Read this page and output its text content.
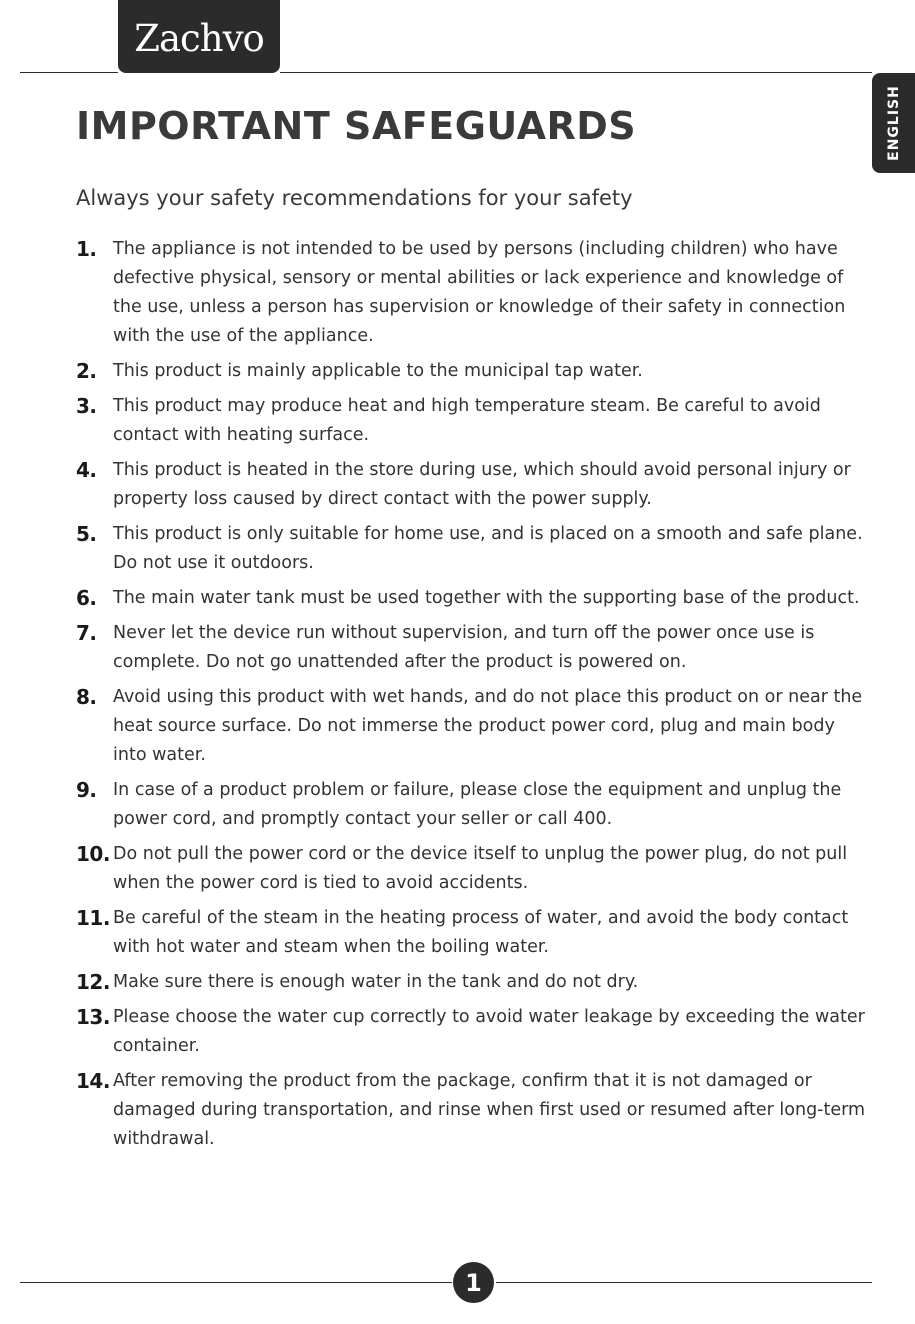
Zachvo
ENGLISH
IMPORTANT SAFEGUARDS

Always your safety recommendations for your safety

1. The appliance is not intended to be used by persons (including children) who have defective physical, sensory or mental abilities or lack experience and knowledge of the use, unless a person has supervision or knowledge of their safety in connection with the use of the appliance.
2. This product is mainly applicable to the municipal tap water.
3. This product may produce heat and high temperature steam. Be careful to avoid contact with heating surface.
4. This product is heated in the store during use, which should avoid personal injury or property loss caused by direct contact with the power supply.
5. This product is only suitable for home use, and is placed on a smooth and safe plane. Do not use it outdoors.
6. The main water tank must be used together with the supporting base of the product.
7. Never let the device run without supervision, and turn off the power once use is complete. Do not go unattended after the product is powered on.
8. Avoid using this product with wet hands, and do not place this product on or near the heat source surface. Do not immerse the product power cord, plug and main body into water.
9. In case of a product problem or failure, please close the equipment and unplug the power cord, and promptly contact your seller or call 400.
10. Do not pull the power cord or the device itself to unplug the power plug, do not pull when the power cord is tied to avoid accidents.
11. Be careful of the steam in the heating process of water, and avoid the body contact with hot water and steam when the boiling water.
12. Make sure there is enough water in the tank and do not dry.
13. Please choose the water cup correctly to avoid water leakage by exceeding the water container.
14. After removing the product from the package, confirm that it is not damaged or damaged during transportation, and rinse when first used or resumed after long-term withdrawal.
1
